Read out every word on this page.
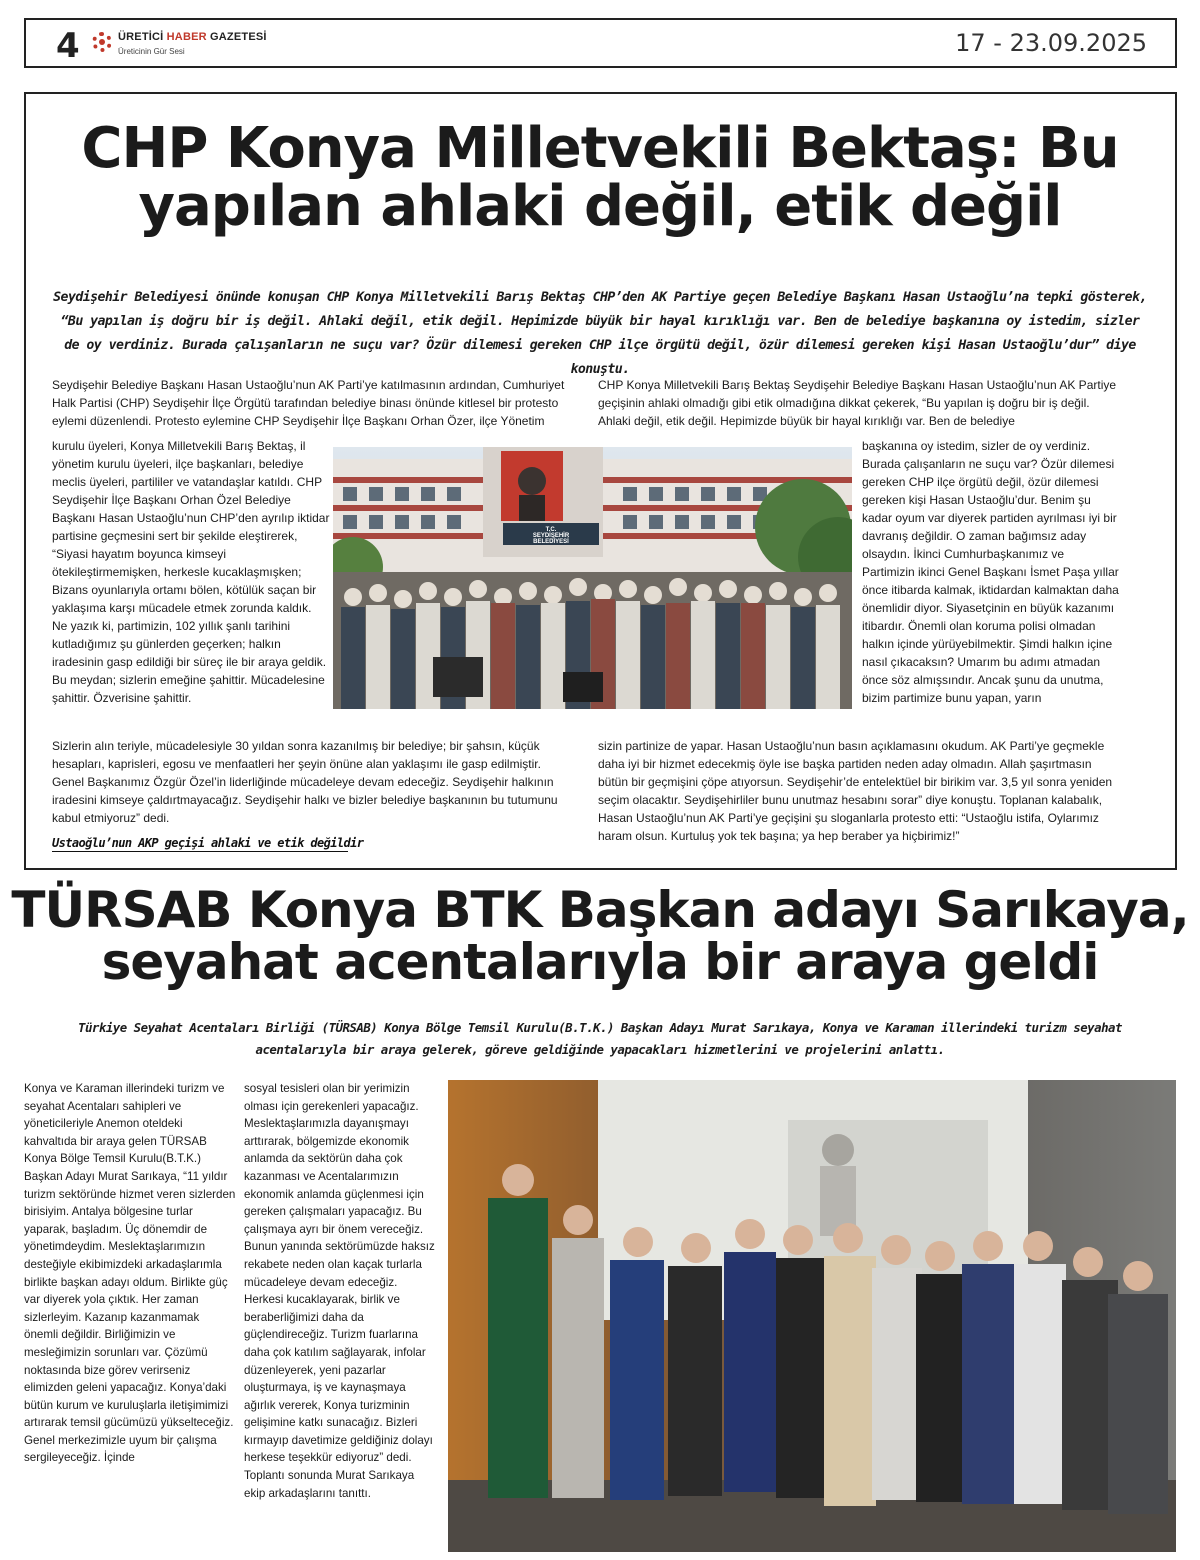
4	ÜRETİCİ HABER GAZETESİ
Üreticinin Gür Sesi	17 - 23.09.2025
CHP Konya Milletvekili Bektaş: Bu
yapılan ahlaki değil, etik değil

Seydişehir Belediyesi önünde konuşan CHP Konya Milletvekili Barış Bektaş CHP’den AK Partiye geçen Belediye Başkanı Hasan Ustaoğlu’na tepki gösterek, “Bu yapılan iş doğru bir iş değil. Ahlaki değil, etik değil. Hepimizde büyük bir hayal kırıklığı var. Ben de belediye başkanına oy istedim, sizler de oy verdiniz. Burada çalışanların ne suçu var? Özür dilemesi gereken CHP ilçe örgütü değil, özür dilemesi gereken kişi Hasan Ustaoğlu’dur” diye konuştu.

Seydişehir Belediye Başkanı Hasan Ustaoğlu’nun AK Parti’ye katılmasının ardından, Cumhuriyet Halk Partisi (CHP) Seydişehir İlçe Örgütü tarafından belediye binası önünde kitlesel bir protesto eylemi düzenlendi. Protesto eylemine CHP Seydişehir İlçe Başkanı Orhan Özer, ilçe Yönetim

kurulu üyeleri, Konya Milletvekili Barış Bektaş, il yönetim kurulu üyeleri, ilçe başkanları, belediye meclis üyeleri, partililer ve vatandaşlar katıldı. CHP Seydişehir İlçe Başkanı Orhan Özel Belediye Başkanı Hasan Ustaoğlu’nun CHP’den ayrılıp iktidar partisine geçmesini sert bir şekilde eleştirerek, “Siyasi hayatım boyunca kimseyi ötekileştirmemişken, herkesle kucaklaşmışken; Bizans oyunlarıyla ortamı bölen, kötülük saçan bir yaklaşıma karşı mücadele etmek zorunda kaldık. Ne yazık ki, partimizin, 102 yıllık şanlı tarihini kutladığımız şu günlerden geçerken; halkın iradesinin gasp edildiği bir süreç ile bir araya geldik. Bu meydan; sizlerin emeğine şahittir. Mücadelesine şahittir. Özverisine şahittir.

Sizlerin alın teriyle, mücadelesiyle 30 yıldan sonra kazanılmış bir belediye; bir şahsın, küçük hesapları, kaprisleri, egosu ve menfaatleri her şeyin önüne alan yaklaşımı ile gasp edilmiştir. Genel Başkanımız Özgür Özel’in liderliğinde mücadeleye devam edeceğiz. Seydişehir halkının iradesini kimseye çaldırtmayacağız. Seydişehir halkı ve bizler belediye başkanının bu tutumunu kabul etmiyoruz” dedi.

Ustaoğlu’nun AKP geçişi ahlaki ve etik değildir

CHP Konya Milletvekili Barış Bektaş Seydişehir Belediye Başkanı Hasan Ustaoğlu’nun AK Partiye geçişinin ahlaki olmadığı gibi etik olmadığına dikkat çekerek, “Bu yapılan iş doğru bir iş değil. Ahlaki değil, etik değil. Hepimizde büyük bir hayal kırıklığı var. Ben de belediye

başkanına oy istedim, sizler de oy verdiniz. Burada çalışanların ne suçu var? Özür dilemesi gereken CHP ilçe örgütü değil, özür dilemesi gereken kişi Hasan Ustaoğlu’dur. Benim şu kadar oyum var diyerek partiden ayrılması iyi bir davranış değildir. O zaman bağımsız aday olsaydın. İkinci Cumhurbaşkanımız ve Partimizin ikinci Genel Başkanı İsmet Paşa yıllar önce itibarda kalmak, iktidardan kalmaktan daha önemlidir diyor. Siyasetçinin en büyük kazanımı itibardır. Önemli olan koruma polisi olmadan halkın içinde yürüyebilmektir. Şimdi halkın içine nasıl çıkacaksın? Umarım bu adımı atmadan önce söz almışsındır. Ancak şunu da unutma, bizim partimize bunu yapan, yarın

sizin partinize de yapar. Hasan Ustaoğlu’nun basın açıklamasını okudum. AK Parti’ye geçmekle daha iyi bir hizmet edecekmiş öyle ise başka partiden neden aday olmadın. Allah şaşırtmasın bütün bir geçmişini çöpe atıyorsun. Seydişehir’de entelektüel bir birikim var. 3,5 yıl sonra yeniden seçim olacaktır. Seydişehirliler bunu unutmaz hesabını sorar” diye konuştu. Toplanan kalabalık, Hasan Ustaoğlu’nun AK Parti’ye geçişini şu sloganlarla protesto etti: “Ustaoğlu istifa, Oylarımız haram olsun. Kurtuluş yok tek başına; ya hep beraber ya hiçbirimiz!”

T.C.
SEYDİŞEHİR
BELEDİYESİ
TÜRSAB Konya BTK Başkan adayı Sarıkaya,
seyahat acentalarıyla bir araya geldi

Türkiye Seyahat Acentaları Birliği (TÜRSAB) Konya Bölge Temsil Kurulu(B.T.K.) Başkan Adayı Murat Sarıkaya, Konya ve Karaman illerindeki turizm seyahat acentalarıyla bir araya gelerek, göreve geldiğinde yapacakları hizmetlerini ve projelerini anlattı.

Konya ve Karaman illerindeki turizm ve seyahat Acentaları sahipleri ve yöneticileriyle Anemon oteldeki kahvaltıda bir araya gelen TÜRSAB Konya Bölge Temsil Kurulu(B.T.K.) Başkan Adayı Murat Sarıkaya, “11 yıldır turizm sektöründe hizmet veren sizlerden birisiyim. Antalya bölgesine turlar yaparak, başladım. Üç dönemdir de yönetimdeydim. Meslektaşlarımızın desteğiyle ekibimizdeki arkadaşlarımla birlikte başkan adayı oldum. Birlikte güç var diyerek yola çıktık. Her zaman sizlerleyim. Kazanıp kazanmamak önemli değildir. Birliğimizin ve mesleğimizin sorunları var. Çözümü noktasında bize görev verirseniz elimizden geleni yapacağız. Konya’daki bütün kurum ve kuruluşlarla iletişimimizi artırarak temsil gücümüzü yükselteceğiz. Genel merkezimizle uyum bir çalışma sergileyeceğiz. İçinde

sosyal tesisleri olan bir yerimizin olması için gerekenleri yapacağız. Meslektaşlarımızla dayanışmayı arttırarak, bölgemizde ekonomik anlamda da sektörün daha çok kazanması ve Acentalarımızın ekonomik anlamda güçlenmesi için gereken çalışmaları yapacağız. Bu çalışmaya ayrı bir önem vereceğiz. Bunun yanında sektörümüzde haksız rekabete neden olan kaçak turlarla mücadeleye devam edeceğiz. Herkesi kucaklayarak, birlik ve beraberliğimizi daha da güçlendireceğiz. Turizm fuarlarına daha çok katılım sağlayarak, infolar düzenleyerek, yeni pazarlar oluşturmaya, iş ve kaynaşmaya ağırlık vererek, Konya turizminin gelişimine katkı sunacağız. Bizleri kırmayıp davetimize geldiğiniz dolayı herkese teşekkür ediyoruz” dedi. Toplantı sonunda Murat Sarıkaya ekip arkadaşlarını tanıttı.
